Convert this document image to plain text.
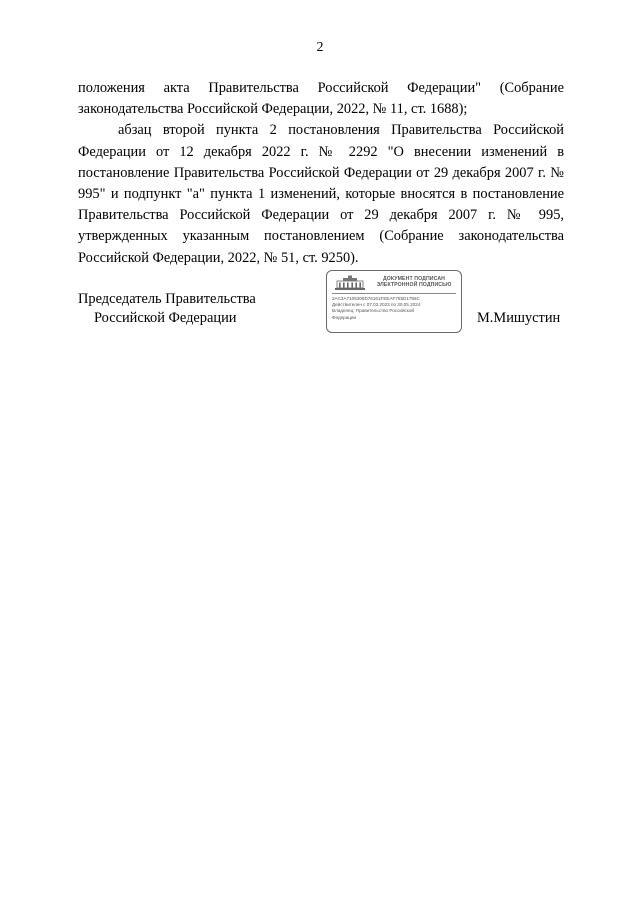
2

положения акта Правительства Российской Федерации" (Собрание законодательства Российской Федерации, 2022, № 11, ст. 1688);

абзац второй пункта 2 постановления Правительства Российской Федерации от 12 декабря 2022 г. № 2292 "О внесении изменений в постановление Правительства Российской Федерации от 29 декабря 2007 г. № 995" и подпункт "а" пункта 1 изменений, которые вносятся в постановление Правительства Российской Федерации от 29 декабря 2007 г. № 995, утвержденных указанным постановлением (Собрание законодательства Российской Федерации, 2022, № 51, ст. 9250).

Председатель Правительства
Российской Федерации
ДОКУМЕНТ ПОДПИСАН
ЭЛЕКТРОННОЙ ПОДПИСЬЮ
2AC3A7105308D76161FEEAF765D1786C
Действителен с 07.03.2023 по 30.05.2024
Владелец: Правительство Российской
Федерации	М.Мишустин
